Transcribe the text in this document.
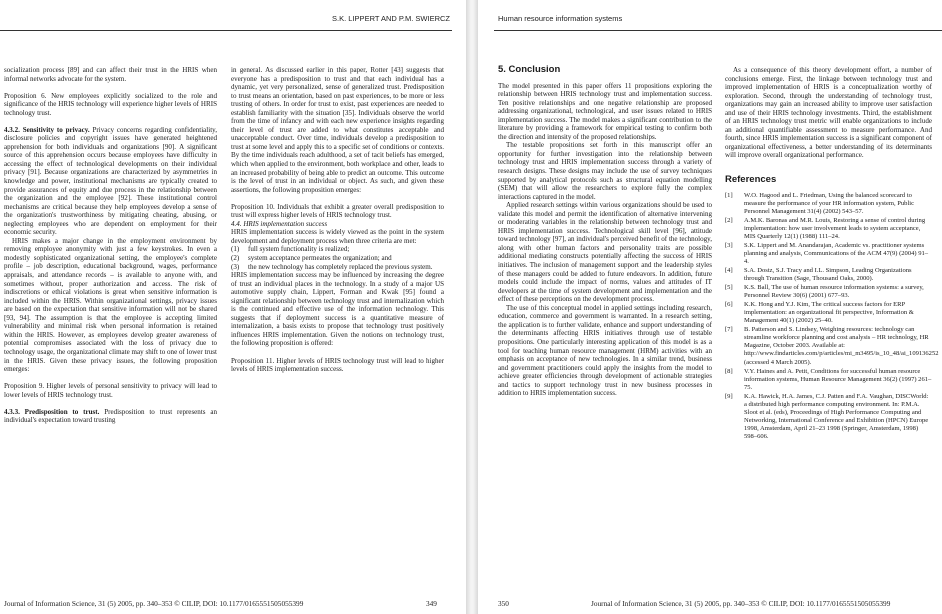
S.K. LIPPERT AND P.M. SWIERCZ

socialization process [89] and can affect their trust in the HRIS when informal networks advocate for the system.

Proposition 6. New employees explicitly socialized to the role and significance of the HRIS technology will experience higher levels of HRIS technology trust.

4.3.2. Sensitivity to privacy. Privacy concerns regarding confidentiality, disclosure policies and copyright issues have generated heightened apprehension for both individuals and organizations [90]. A significant source of this apprehension occurs because employees have difficulty in accessing the effect of technological developments on their individual privacy [91]. Because organizations are characterized by asymmetries in knowledge and power, institutional mechanisms are typically created to provide assurances of equity and due process in the relationship between the organization and the employee [92]. These institutional control mechanisms are critical because they help employees develop a sense of the organization's trustworthiness by mitigating cheating, abusing, or neglecting employees who are dependent on employment for their economic security.

HRIS makes a major change in the employment environment by removing employee anonymity with just a few keystrokes. In even a modestly sophisticated organizational setting, the employee's complete profile – job description, educational background, wages, performance appraisals, and attendance records – is available to anyone with, and sometimes without, proper authorization and access. The risk of indiscretions or ethical violations is great when sensitive information is included within the HRIS. Within organizational settings, privacy issues are based on the expectation that sensitive information will not be shared [93, 94]. The assumption is that the employee is accepting limited vulnerability and minimal risk when personal information is retained within the HRIS. However, as employees develop greater awareness of potential compromises associated with the loss of privacy due to technology usage, the organizational climate may shift to one of lower trust in the HRIS. Given these privacy issues, the following proposition emerges:

Proposition 9. Higher levels of personal sensitivity to privacy will lead to lower levels of HRIS technology trust.

4.3.3. Predisposition to trust. Predisposition to trust represents an individual's expectation toward trusting

in general. As discussed earlier in this paper, Rotter [43] suggests that everyone has a predisposition to trust and that each individual has a dynamic, yet very personalized, sense of generalized trust. Predisposition to trust means an orientation, based on past experiences, to be more or less trusting of others. In order for trust to exist, past experiences are needed to establish familiarity with the situation [35]. Individuals observe the world from the time of infancy and with each new experience insights regarding their level of trust are added to what constitutes acceptable and unacceptable conduct. Over time, individuals develop a predisposition to trust at some level and apply this to a specific set of conditions or contexts. By the time individuals reach adulthood, a set of tacit beliefs has emerged, which when applied to the environment, both workplace and other, leads to an increased probability of being able to predict an outcome. This outcome is the level of trust in an individual or object. As such, and given these assertions, the following proposition emerges:

Proposition 10. Individuals that exhibit a greater overall predisposition to trust will express higher levels of HRIS technology trust.

4.4. HRIS implementation success

HRIS implementation success is widely viewed as the point in the system development and deployment process when three criteria are met:

(1) full system functionality is realized;
(2) system acceptance permeates the organization; and
(3) the new technology has completely replaced the previous system.

HRIS implementation success may be influenced by increasing the degree of trust an individual places in the technology. In a study of a major US automotive supply chain, Lippert, Forman and Kwak [95] found a significant relationship between technology trust and internalization which is the continued and effective use of the information technology. This suggests that if deployment success is a quantitative measure of internalization, a basis exists to propose that technology trust positively influences HRIS implementation. Given the notions on technology trust, the following proposition is offered:

Proposition 11. Higher levels of HRIS technology trust will lead to higher levels of HRIS implementation success.

Journal of Information Science, 31 (5) 2005, pp. 340–353 © CILIP, DOI: 10.1177/0165551505055399	349
Human resource information systems
5. Conclusion

The model presented in this paper offers 11 propositions exploring the relationship between HRIS technology trust and implementation success. Ten positive relationships and one negative relationship are proposed addressing organizational, technological, and user issues related to HRIS implementation success. The model makes a significant contribution to the literature by providing a framework for empirical testing to confirm both the direction and intensity of the proposed relationships.

The testable propositions set forth in this manuscript offer an opportunity for further investigation into the relationship between technology trust and HRIS implementation success through a variety of research designs. These designs may include the use of survey techniques supported by analytical protocols such as structural equation modelling (SEM) that will allow the researchers to explore fully the complex interactions captured in the model.

Applied research settings within various organizations should be used to validate this model and permit the identification of alternative intervening or moderating variables in the relationship between technology trust and HRIS implementation success. Technological skill level [96], attitude toward technology [97], an individual's perceived benefit of the technology, along with other human factors and personality traits are possible additional mediating constructs potentially affecting the success of HRIS initiatives. The inclusion of management support and the leadership styles of these managers could be added to future endeavors. In addition, future models could include the impact of norms, values and attitudes of IT developers at the time of system development and implementation and the effect of these perceptions on the development process.

The use of this conceptual model in applied settings including research, education, commerce and government is warranted. In a research setting, the application is to further validate, enhance and support understanding of the determinants affecting HRIS initiatives through use of testable propositions. One particularly interesting application of this model is as a tool for teaching human resource management (HRM) activities with an emphasis on acceptance of new technologies. In a similar trend, business and government practitioners could apply the insights from the model to achieve greater efficiencies through development of actionable strategies and tactics to support technology trust in new business processes in addition to HRIS implementation success.

As a consequence of this theory development effort, a number of conclusions emerge. First, the linkage between technology trust and improved implementation of HRIS is a conceptualization worthy of exploration. Second, through the understanding of technology trust, organizations may gain an increased ability to improve user satisfaction and use of their HRIS technology investments. Third, the establishment of an HRIS technology trust metric will enable organizations to include an additional quantifiable assessment to measure performance. And fourth, since HRIS implementation success is a significant component of organizational effectiveness, a better understanding of its determinants will improve overall organizational performance.

References
[1] W.O. Hagood and L. Friedman, Using the balanced scorecard to measure the performance of your HR information system, Public Personnel Management 31(4) (2002) 543–57.
[2] A.M.K. Baronas and M.R. Louis, Restoring a sense of control during implementation: how user involvement leads to system acceptance, MIS Quarterly 12(1) (1988) 111–24.
[3] S.K. Lippert and M. Anandarajan, Academic vs. practitioner systems planning and analysis, Communications of the ACM 47(9) (2004) 91–4.
[4] S.A. Dostz, S.J. Tracy and I.L. Simpson, Leading Organizations through Transition (Sage, Thousand Oaks, 2000).
[5] K.S. Ball, The use of human resource information systems: a survey, Personnel Review 30(6) (2001) 677–93.
[6] K.K. Hong and Y.J. Kim, The critical success factors for ERP implementation: an organizational fit perspective, Information & Management 40(1) (2002) 25–40.
[7] B. Patterson and S. Lindsey, Weighing resources: technology can streamline workforce planning and cost analysis – HR technology, HR Magazine, October 2003. Available at: http://www.findarticles.com/p/articles/mi_m3495/is_10_48/ai_109136252 (accessed 4 March 2005).
[8] V.Y. Haines and A. Petit, Conditions for successful human resource information systems, Human Resource Management 36(2) (1997) 261–75.
[9] K.A. Hawick, H.A. James, C.J. Patten and F.A. Vaughan, DISCWorld: a distributed high performance computing environment. In: P.M.A. Sloot et al. (eds), Proceedings of High Performance Computing and Networking, International Conference and Exhibition (HPCN) Europe 1998, Amsterdam, April 21–23 1998 (Springer, Amsterdam, 1998) 598–606.
350	Journal of Information Science, 31 (5) 2005, pp. 340–353 © CILIP, DOI: 10.1177/0165551505055399
